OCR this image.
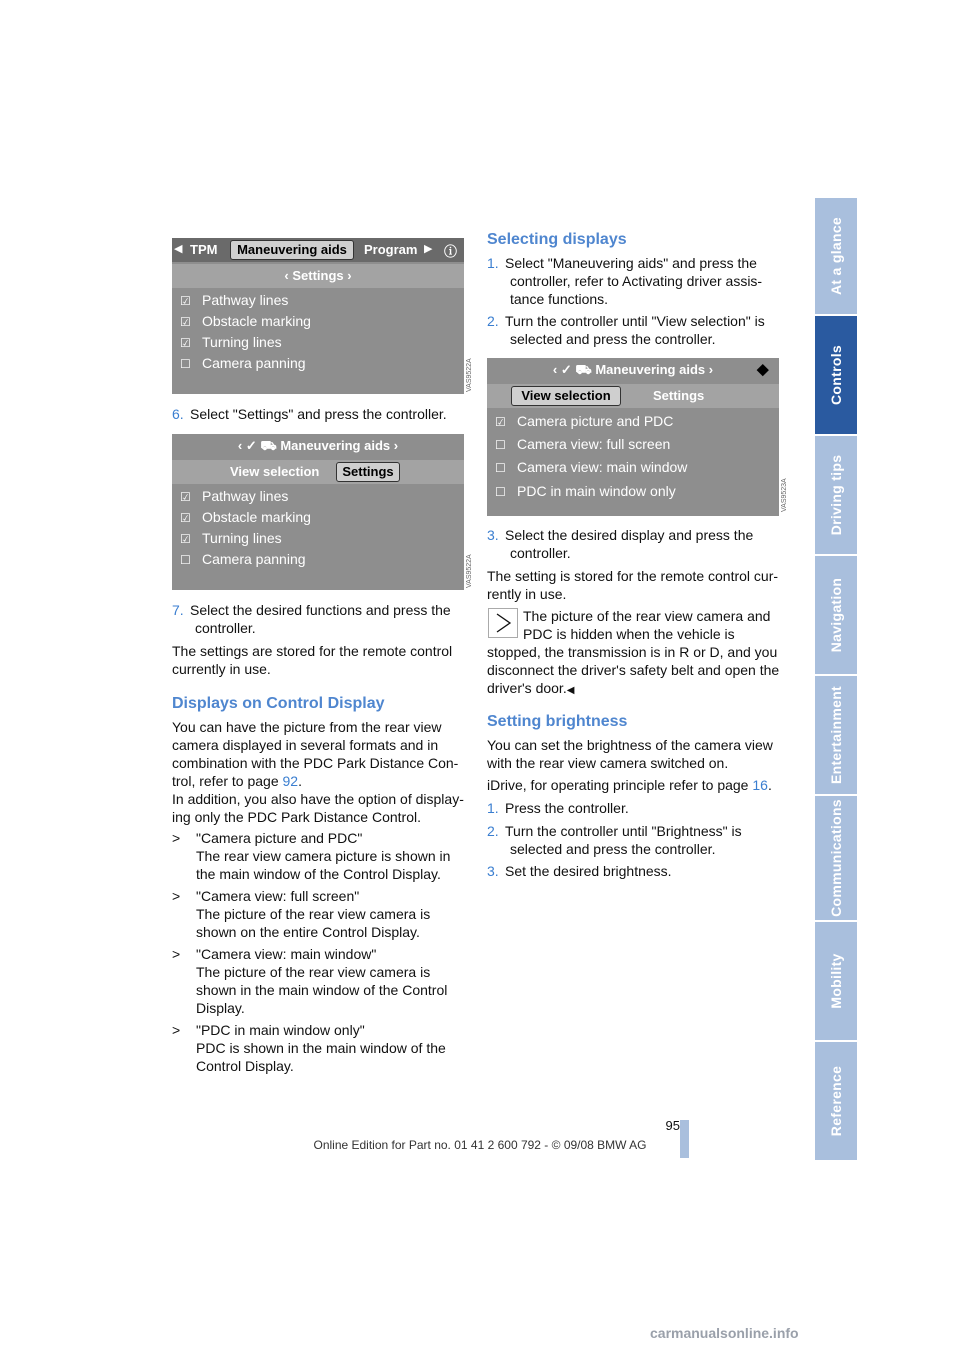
At a glance
Controls
Driving tips
Navigation
Entertainment
Communications
Mobility
Reference
◀ TPM	Maneuvering aids	Program ▶ ⓘ
‹ Settings ›
☑ Pathway lines
☑ Obstacle marking
☑ Turning lines
☐ Camera panning	VAS9522A
6. Select "Settings" and press the controller.
‹ ✓ ⛟ Maneuvering aids ›
View selection	Settings
☑ Pathway lines
☑ Obstacle marking
☑ Turning lines
☐ Camera panning	VAS9522A
7. Select the desired functions and press the
controller.
The settings are stored for the remote control
currently in use.
Displays on Control Display
You can have the picture from the rear view
camera displayed in several formats and in
combination with the PDC Park Distance Con-
trol, refer to page 92.
In addition, you also have the option of display-
ing only the PDC Park Distance Control.
> "Camera picture and PDC"
The rear view camera picture is shown in
the main window of the Control Display.
> "Camera view: full screen"
The picture of the rear view camera is
shown on the entire Control Display.
> "Camera view: main window"
The picture of the rear view camera is
shown in the main window of the Control
Display.
> "PDC in main window only"
PDC is shown in the main window of the
Control Display.
Selecting displays
1. Select "Maneuvering aids" and press the
controller, refer to Activating driver assis-
tance functions.
2. Turn the controller until "View selection" is
selected and press the controller.
‹ ✓ ⛟ Maneuvering aids ›	◆
View selection	Settings
☑ Camera picture and PDC
☐ Camera view: full screen
☐ Camera view: main window
☐ PDC in main window only	VAS9523A
3. Select the desired display and press the
controller.
The setting is stored for the remote control cur-
rently in use.
The picture of the rear view camera and
PDC is hidden when the vehicle is
stopped, the transmission is in R or D, and you
disconnect the driver's safety belt and open the
driver's door.◀
Setting brightness
You can set the brightness of the camera view
with the rear view camera switched on.
iDrive, for operating principle refer to page 16.
1. Press the controller.
2. Turn the controller until "Brightness" is
selected and press the controller.
3. Set the desired brightness.
95
Online Edition for Part no. 01 41 2 600 792 - © 09/08 BMW AG
carmanualsonline.info
